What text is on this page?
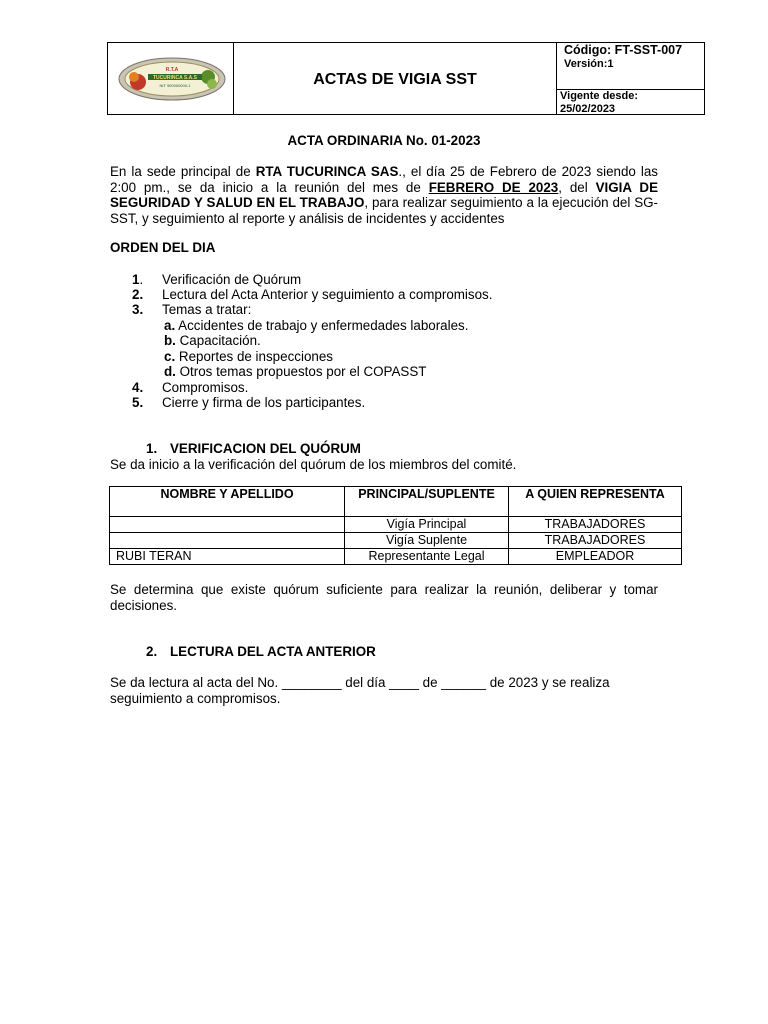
R.T.A
TUCURINCA S.A.S
NIT 900000000-1	ACTAS DE VIGIA SST
Código: FT-SST-007
Versión:1
Vigente desde:
25/02/2023
ACTA ORDINARIA No. 01-2023
En la sede principal de RTA TUCURINCA SAS., el día 25 de Febrero de 2023 siendo las 2:00 pm., se da inicio a la reunión del mes de FEBRERO DE 2023, del VIGIA DE SEGURIDAD Y SALUD EN EL TRABAJO, para realizar seguimiento a la ejecución del SG-SST, y seguimiento al reporte y análisis de incidentes y accidentes
ORDEN DEL DIA
1. Verificación de Quórum
2. Lectura del Acta Anterior y seguimiento a compromisos.
3. Temas a tratar:
a. Accidentes de trabajo y enfermedades laborales.
b. Capacitación.
c. Reportes de inspecciones
d. Otros temas propuestos por el COPASST
4. Compromisos.
5. Cierre y firma de los participantes.
1. VERIFICACION DEL QUÓRUM
Se da inicio a la verificación del quórum de los miembros del comité.
NOMBRE Y APELLIDO	PRINCIPAL/SUPLENTE	A QUIEN REPRESENTA
	Vigía Principal	TRABAJADORES
	Vigía Suplente	TRABAJADORES
RUBI TERAN	Representante Legal	EMPLEADOR
Se determina que existe quórum suficiente para realizar la reunión, deliberar y tomar decisiones.
2. LECTURA DEL ACTA ANTERIOR
Se da lectura al acta del No. ________ del día ____ de ______ de 2023 y se realiza seguimiento a compromisos.
